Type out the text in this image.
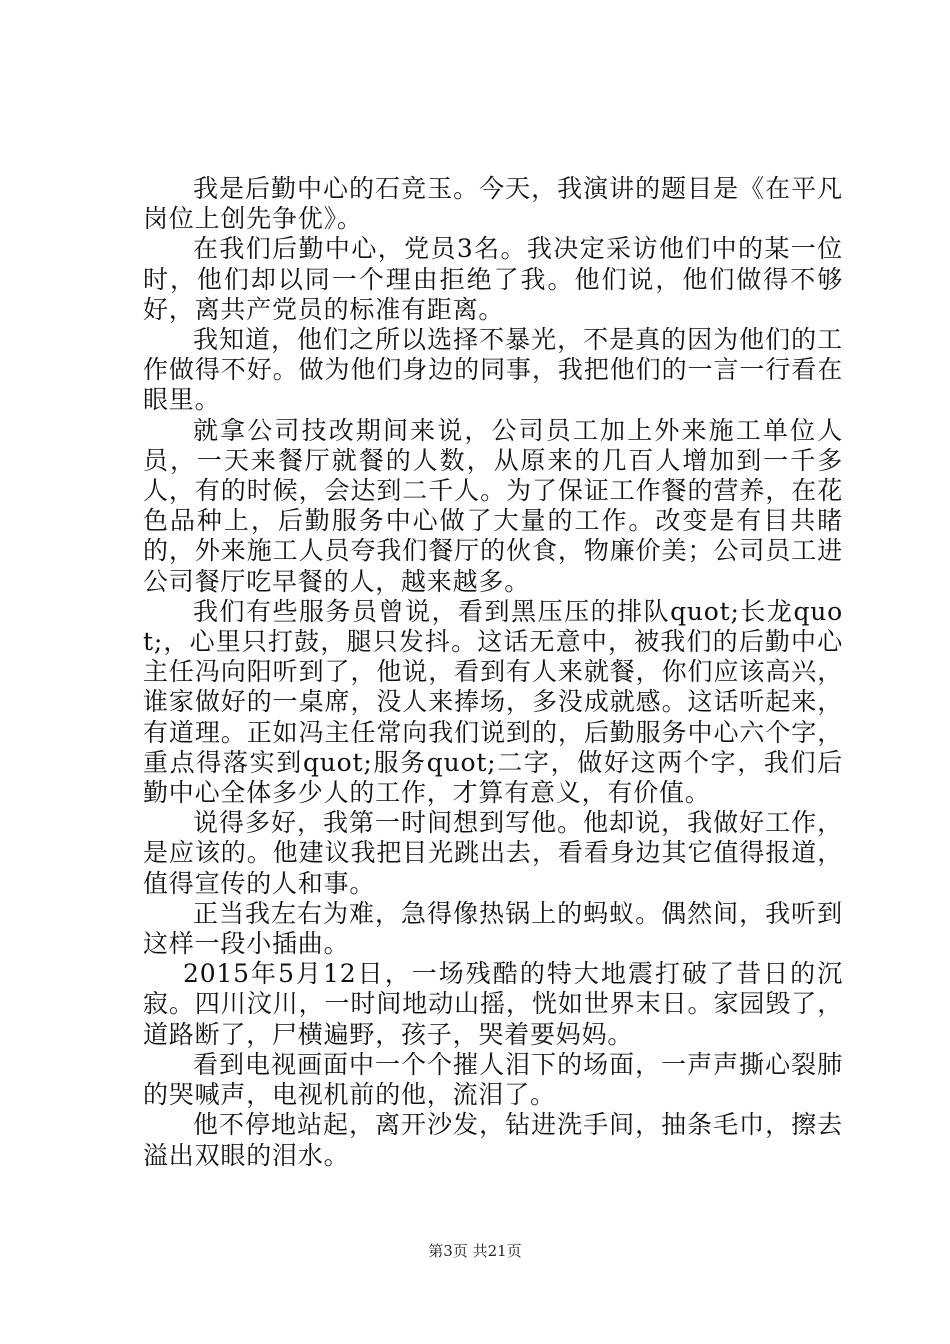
我是后勤中心的石竞玉。今天，我演讲的题目是《在平凡岗位上创先争优》。

在我们后勤中心，党员3名。我决定采访他们中的某一位时，他们却以同一个理由拒绝了我。他们说，他们做得不够好，离共产党员的标准有距离。

我知道，他们之所以选择不暴光，不是真的因为他们的工作做得不好。做为他们身边的同事，我把他们的一言一行看在眼里。

就拿公司技改期间来说，公司员工加上外来施工单位人员，一天来餐厅就餐的人数，从原来的几百人增加到一千多人，有的时候，会达到二千人。为了保证工作餐的营养，在花色品种上，后勤服务中心做了大量的工作。改变是有目共睹的，外来施工人员夸我们餐厅的伙食，物廉价美；公司员工进公司餐厅吃早餐的人，越来越多。

我们有些服务员曾说，看到黑压压的排队quot;长龙quot;，心里只打鼓，腿只发抖。这话无意中，被我们的后勤中心主任冯向阳听到了，他说，看到有人来就餐，你们应该高兴，谁家做好的一桌席，没人来捧场，多没成就感。这话听起来，有道理。正如冯主任常向我们说到的，后勤服务中心六个字，重点得落实到quot;服务quot;二字，做好这两个字，我们后勤中心全体多少人的工作，才算有意义，有价值。

说得多好，我第一时间想到写他。他却说，我做好工作，是应该的。他建议我把目光跳出去，看看身边其它值得报道，值得宣传的人和事。

正当我左右为难，急得像热锅上的蚂蚁。偶然间，我听到这样一段小插曲。

2015年5月12日，一场残酷的特大地震打破了昔日的沉寂。四川汶川，一时间地动山摇，恍如世界末日。家园毁了，道路断了，尸横遍野，孩子，哭着要妈妈。

看到电视画面中一个个摧人泪下的场面，一声声撕心裂肺的哭喊声，电视机前的他，流泪了。

他不停地站起，离开沙发，钻进洗手间，抽条毛巾，擦去溢出双眼的泪水。

第3页 共21页
